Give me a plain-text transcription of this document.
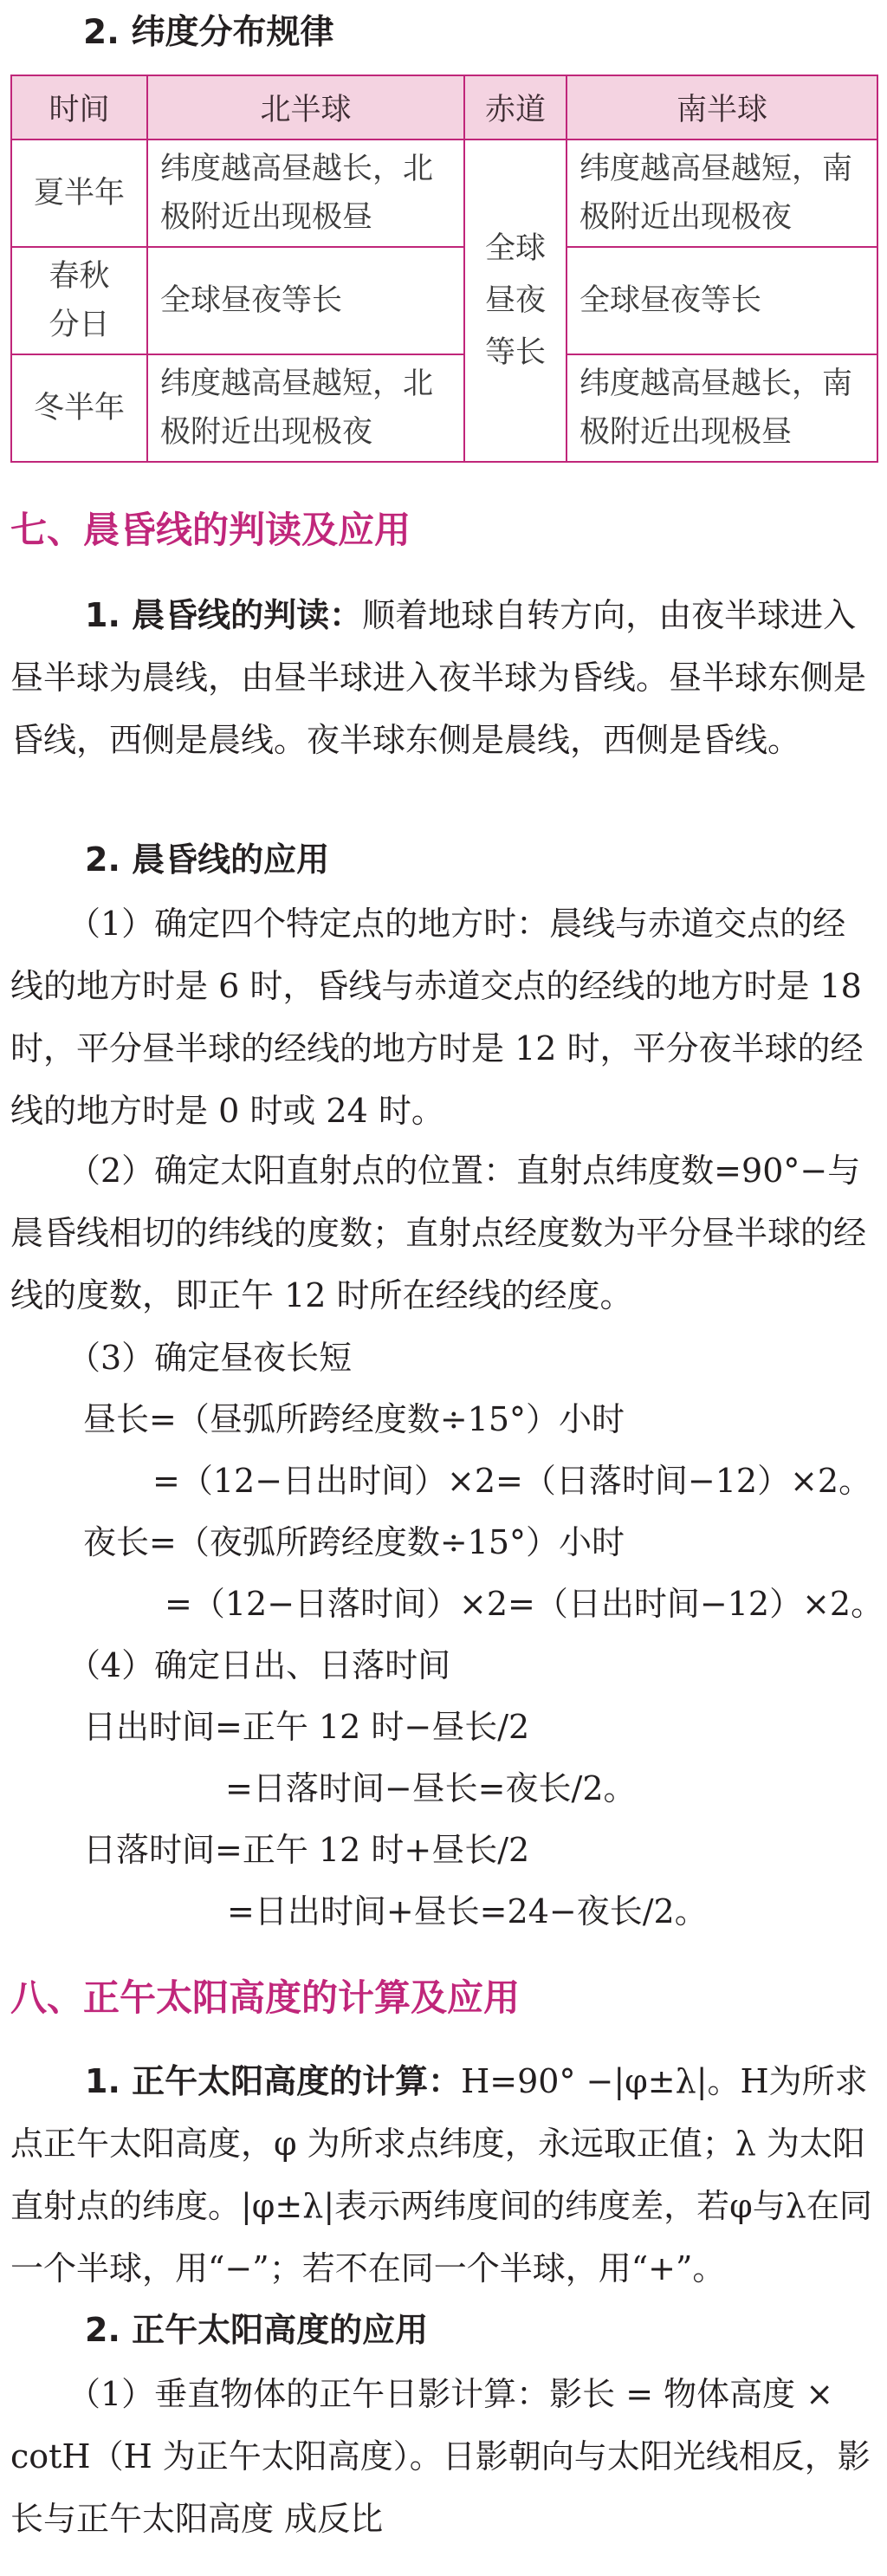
2. 纬度分布规律
时间	北半球	赤道	南半球
夏半年	纬度越高昼越长，北极附近出现极昼	全球昼夜等长	纬度越高昼越短，南极附近出现极夜
春秋分日	全球昼夜等长		全球昼夜等长
冬半年	纬度越高昼越短，北极附近出现极夜		纬度越高昼越长，南极附近出现极昼
七、晨昏线的判读及应用
1. 晨昏线的判读：顺着地球自转方向，由夜半球进入昼半球为晨线，由昼半球进入夜半球为昏线。昼半球东侧是昏线，西侧是晨线。夜半球东侧是晨线，西侧是昏线。
2. 晨昏线的应用
（1）确定四个特定点的地方时：晨线与赤道交点的经线的地方时是 6 时，昏线与赤道交点的经线的地方时是 18 时，平分昼半球的经线的地方时是 12 时，平分夜半球的经线的地方时是 0 时或 24 时。
（2）确定太阳直射点的位置：直射点纬度数=90°−与晨昏线相切的纬线的度数；直射点经度数为平分昼半球的经线的度数，即正午 12 时所在经线的经度。
（3）确定昼夜长短
昼长=（昼弧所跨经度数÷15°）小时
=（12−日出时间）×2=（日落时间−12）×2。
夜长=（夜弧所跨经度数÷15°）小时
=（12−日落时间）×2=（日出时间−12）×2。
（4）确定日出、日落时间
日出时间=正午 12 时−昼长/2
=日落时间−昼长=夜长/2。
日落时间=正午 12 时+昼长/2
=日出时间+昼长=24−夜长/2。
八、正午太阳高度的计算及应用
1. 正午太阳高度的计算：H=90° −|φ±λ|。H为所求点正午太阳高度，φ 为所求点纬度，永远取正值；λ 为太阳直射点的纬度。|φ±λ|表示两纬度间的纬度差，若φ与λ在同一个半球，用“−”；若不在同一个半球，用“+”。
2. 正午太阳高度的应用
（1）垂直物体的正午日影计算：影长 = 物体高度 × cotH（H 为正午太阳高度）。日影朝向与太阳光线相反，影长与正午太阳高度 成反比
